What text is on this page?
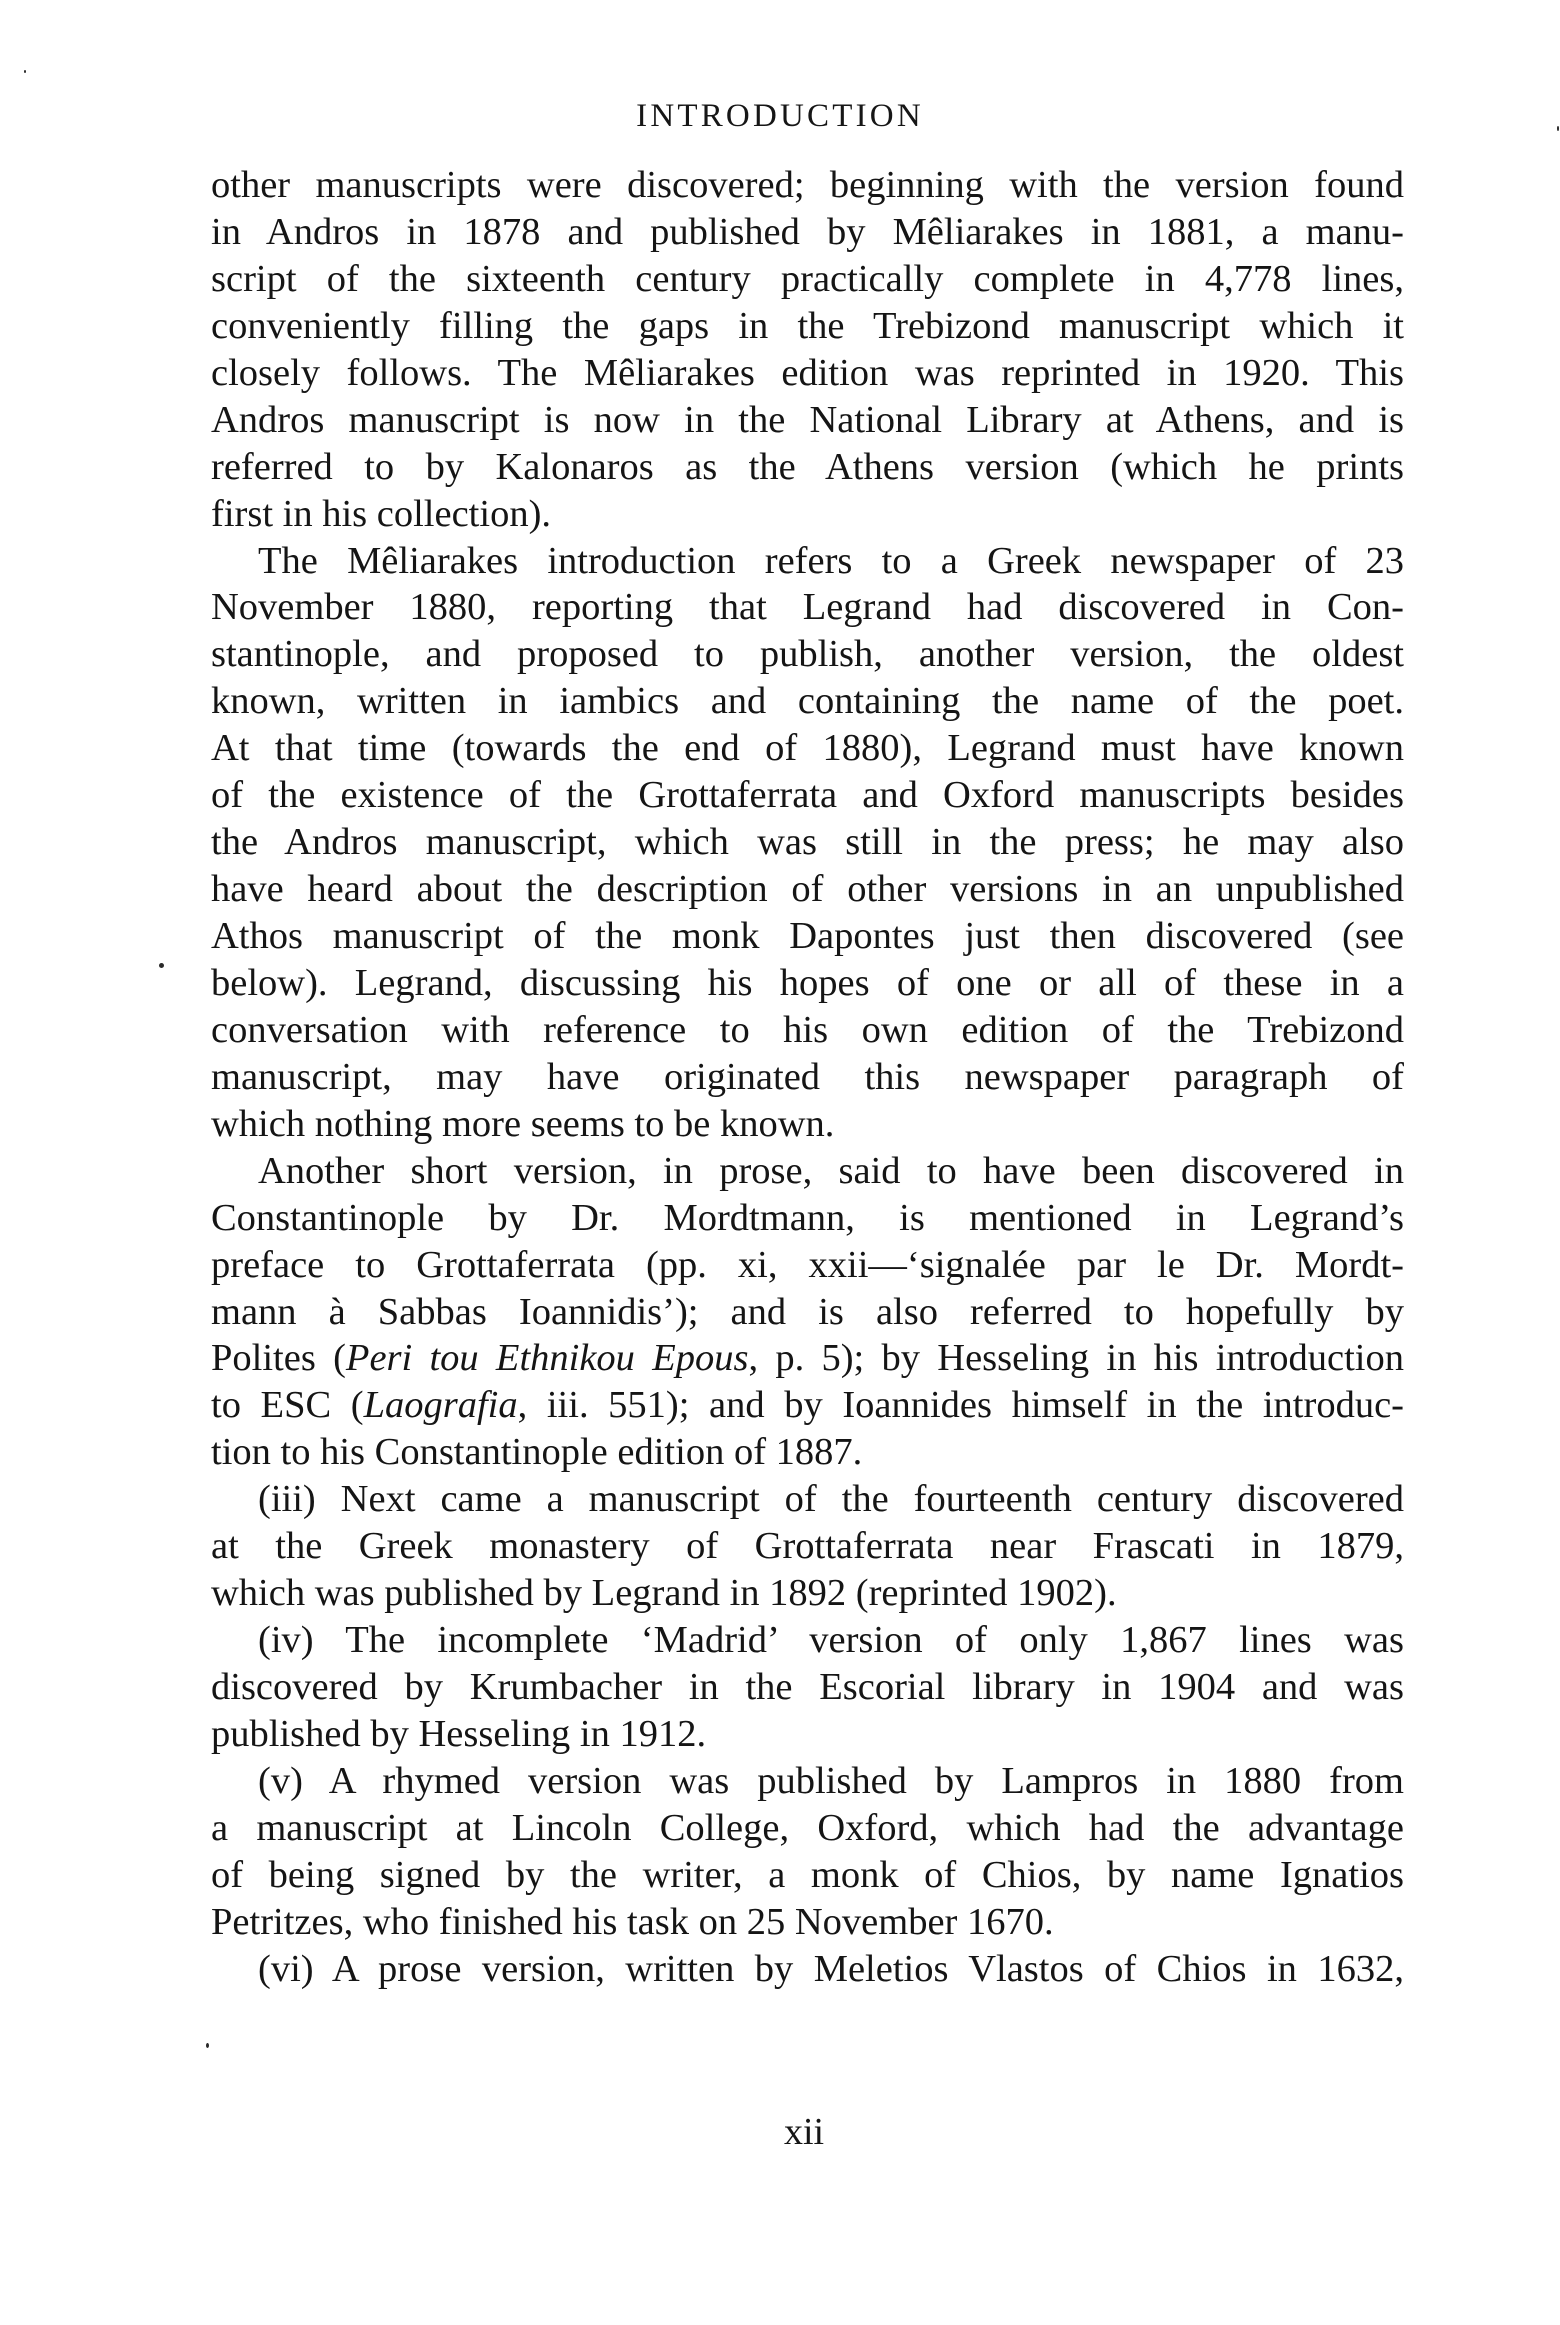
INTRODUCTION
other manuscripts were discovered; beginning with the version found
in Andros in 1878 and published by Mêliarakes in 1881, a manu-
script of the sixteenth century practically complete in 4,778 lines,
conveniently filling the gaps in the Trebizond manuscript which it
closely follows. The Mêliarakes edition was reprinted in 1920. This
Andros manuscript is now in the National Library at Athens, and is
referred to by Kalonaros as the Athens version (which he prints
first in his collection).
The Mêliarakes introduction refers to a Greek newspaper of 23
November 1880, reporting that Legrand had discovered in Con-
stantinople, and proposed to publish, another version, the oldest
known, written in iambics and containing the name of the poet.
At that time (towards the end of 1880), Legrand must have known
of the existence of the Grottaferrata and Oxford manuscripts besides
the Andros manuscript, which was still in the press; he may also
have heard about the description of other versions in an unpublished
Athos manuscript of the monk Dapontes just then discovered (see
below). Legrand, discussing his hopes of one or all of these in a
conversation with reference to his own edition of the Trebizond
manuscript, may have originated this newspaper paragraph of
which nothing more seems to be known.
Another short version, in prose, said to have been discovered in
Constantinople by Dr. Mordtmann, is mentioned in Legrand’s
preface to Grottaferrata (pp. xi, xxii—‘signalée par le Dr. Mordt-
mann à Sabbas Ioannidis’); and is also referred to hopefully by
Polites (Peri tou Ethnikou Epous, p. 5); by Hesseling in his introduction
to ESC (Laografia, iii. 551); and by Ioannides himself in the introduc-
tion to his Constantinople edition of 1887.
(iii) Next came a manuscript of the fourteenth century discovered
at the Greek monastery of Grottaferrata near Frascati in 1879,
which was published by Legrand in 1892 (reprinted 1902).
(iv) The incomplete ‘Madrid’ version of only 1,867 lines was
discovered by Krumbacher in the Escorial library in 1904 and was
published by Hesseling in 1912.
(v) A rhymed version was published by Lampros in 1880 from
a manuscript at Lincoln College, Oxford, which had the advantage
of being signed by the writer, a monk of Chios, by name Ignatios
Petritzes, who finished his task on 25 November 1670.
(vi) A prose version, written by Meletios Vlastos of Chios in 1632,
xii
